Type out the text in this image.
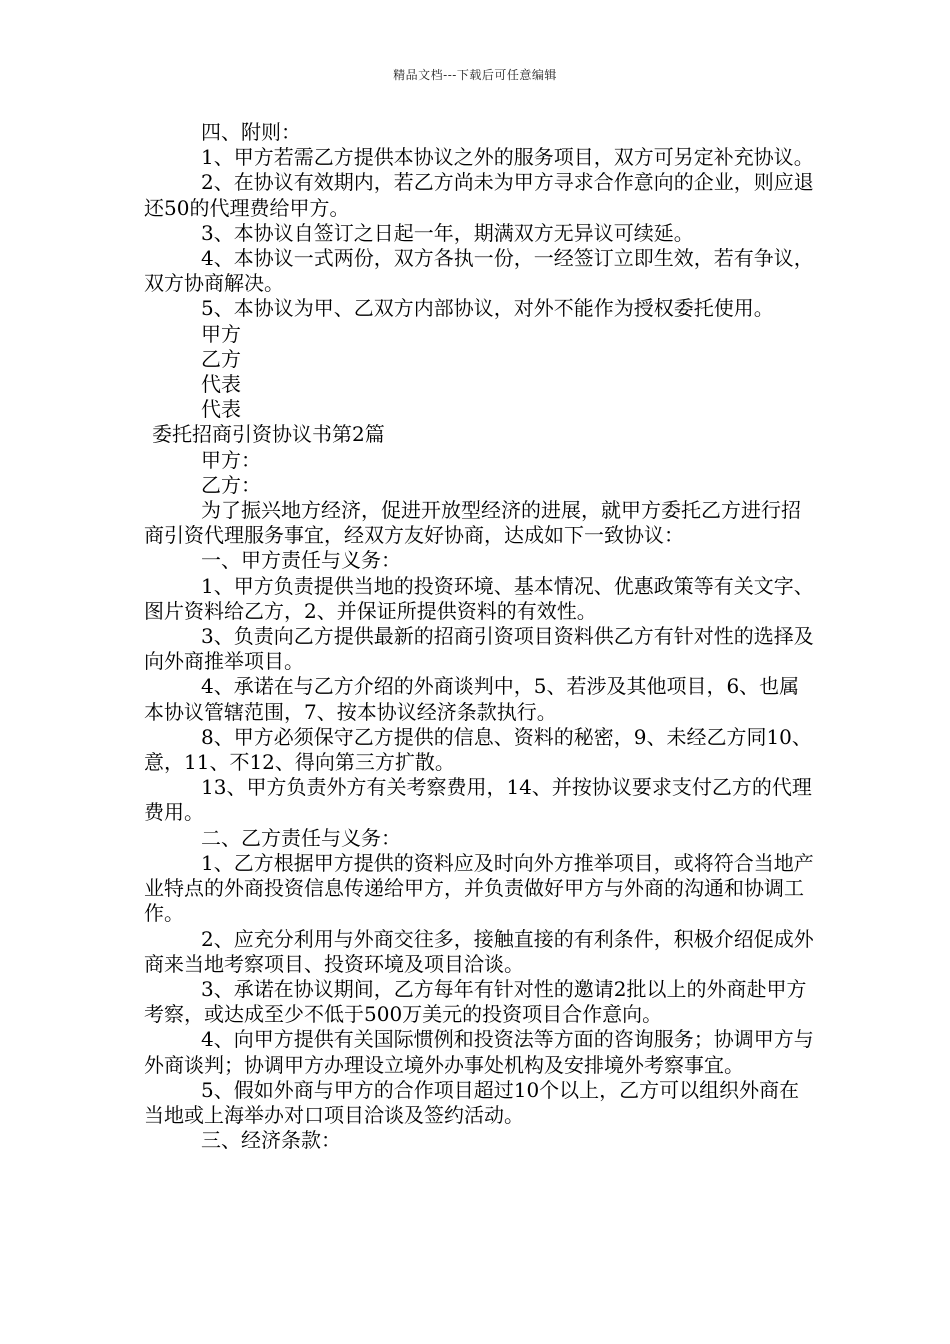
精品文档---下载后可任意编辑

四、附则：

1、甲方若需乙方提供本协议之外的服务项目，双方可另定补充协议。

2、在协议有效期内，若乙方尚未为甲方寻求合作意向的企业，则应退还50的代理费给甲方。

3、本协议自签订之日起一年，期满双方无异议可续延。

4、本协议一式两份，双方各执一份，一经签订立即生效，若有争议，双方协商解决。

5、本协议为甲、乙双方内部协议，对外不能作为授权委托使用。

甲方

乙方

代表

代表

委托招商引资协议书第2篇

甲方：

乙方：

为了振兴地方经济，促进开放型经济的进展，就甲方委托乙方进行招商引资代理服务事宜，经双方友好协商，达成如下一致协议：

一、甲方责任与义务：

1、甲方负责提供当地的投资环境、基本情况、优惠政策等有关文字、图片资料给乙方，2、并保证所提供资料的有效性。

3、负责向乙方提供最新的招商引资项目资料供乙方有针对性的选择及向外商推举项目。

4、承诺在与乙方介绍的外商谈判中，5、若涉及其他项目，6、也属本协议管辖范围，7、按本协议经济条款执行。

8、甲方必须保守乙方提供的信息、资料的秘密，9、未经乙方同10、意，11、不12、得向第三方扩散。

13、甲方负责外方有关考察费用，14、并按协议要求支付乙方的代理费用。

二、乙方责任与义务：

1、乙方根据甲方提供的资料应及时向外方推举项目，或将符合当地产业特点的外商投资信息传递给甲方，并负责做好甲方与外商的沟通和协调工作。

2、应充分利用与外商交往多，接触直接的有利条件，积极介绍促成外商来当地考察项目、投资环境及项目洽谈。

3、承诺在协议期间，乙方每年有针对性的邀请2批以上的外商赴甲方考察，或达成至少不低于500万美元的投资项目合作意向。

4、向甲方提供有关国际惯例和投资法等方面的咨询服务；协调甲方与外商谈判；协调甲方办理设立境外办事处机构及安排境外考察事宜。

5、假如外商与甲方的合作项目超过10个以上，乙方可以组织外商在当地或上海举办对口项目洽谈及签约活动。

三、经济条款：
